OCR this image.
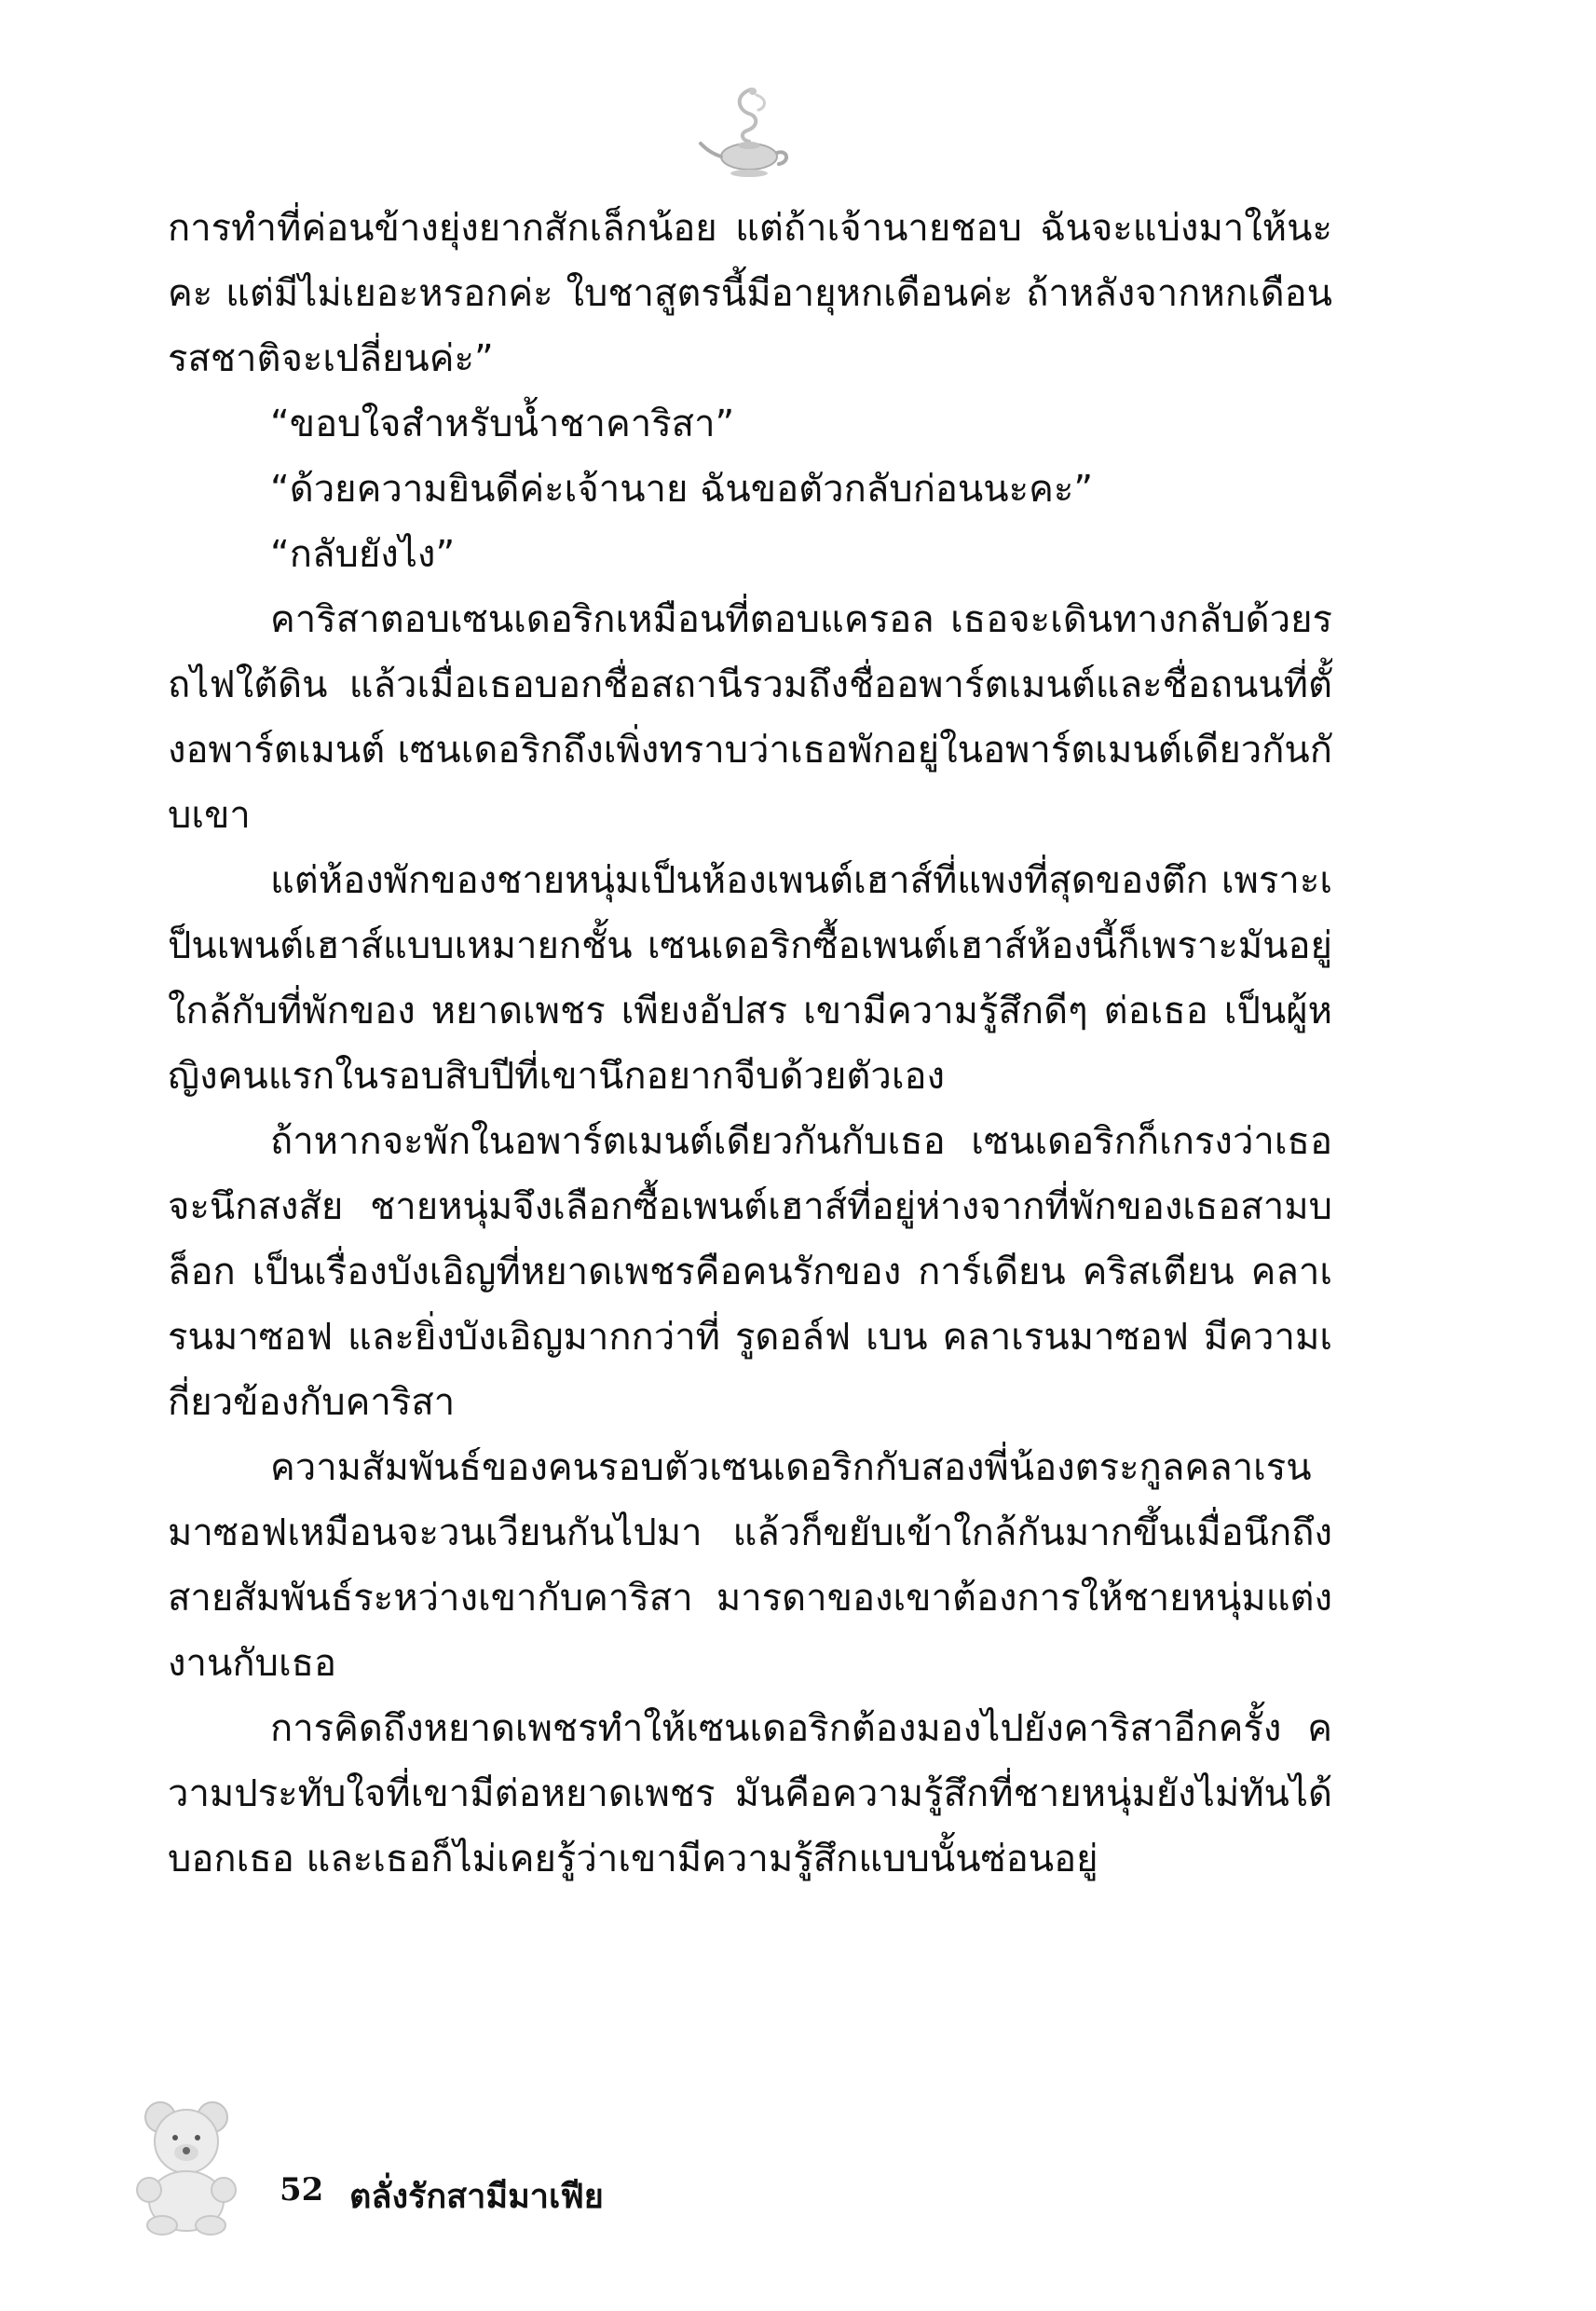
การทำที่ค่อนข้างยุ่งยากสักเล็กน้อย แต่ถ้าเจ้านายชอบ ฉันจะแบ่งมาให้นะคะ แต่มีไม่เยอะหรอกค่ะ ใบชาสูตรนี้มีอายุหกเดือนค่ะ ถ้าหลังจากหกเดือนรสชาติจะเปลี่ยนค่ะ”

“ขอบใจสำหรับน้ำชาคาริสา”

“ด้วยความยินดีค่ะเจ้านาย ฉันขอตัวกลับก่อนนะคะ”

“กลับยังไง”

คาริสาตอบเซนเดอริกเหมือนที่ตอบแครอล เธอจะเดินทางกลับด้วยรถไฟใต้ดิน แล้วเมื่อเธอบอกชื่อสถานีรวมถึงชื่ออพาร์ตเมนต์และชื่อถนนที่ตั้งอพาร์ตเมนต์ เซนเดอริกถึงเพิ่งทราบว่าเธอพักอยู่ในอพาร์ตเมนต์เดียวกันกับเขา

แต่ห้องพักของชายหนุ่มเป็นห้องเพนต์เฮาส์ที่แพงที่สุดของตึก เพราะเป็นเพนต์เฮาส์แบบเหมายกชั้น เซนเดอริกซื้อเพนต์เฮาส์ห้องนี้ก็เพราะมันอยู่ใกล้กับที่พักของ หยาดเพชร เพียงอัปสร เขามีความรู้สึกดีๆ ต่อเธอ เป็นผู้หญิงคนแรกในรอบสิบปีที่เขานึกอยากจีบด้วยตัวเอง

ถ้าหากจะพักในอพาร์ตเมนต์เดียวกันกับเธอ เซนเดอริกก็เกรงว่าเธอจะนึกสงสัย ชายหนุ่มจึงเลือกซื้อเพนต์เฮาส์ที่อยู่ห่างจากที่พักของเธอสามบล็อก เป็นเรื่องบังเอิญที่หยาดเพชรคือคนรักของ การ์เดียน คริสเตียน คลาเรนมาซอฟ และยิ่งบังเอิญมากกว่าที่ รูดอล์ฟ เบน คลาเรนมาซอฟ มีความเกี่ยวข้องกับคาริสา

ความสัมพันธ์ของคนรอบตัวเซนเดอริกกับสองพี่น้องตระกูลคลาเรนมาซอฟเหมือนจะวนเวียนกันไปมา แล้วก็ขยับเข้าใกล้กันมากขึ้นเมื่อนึกถึงสายสัมพันธ์ระหว่างเขากับคาริสา มารดาของเขาต้องการให้ชายหนุ่มแต่งงานกับเธอ

การคิดถึงหยาดเพชรทำให้เซนเดอริกต้องมองไปยังคาริสาอีกครั้ง ความประทับใจที่เขามีต่อหยาดเพชร มันคือความรู้สึกที่ชายหนุ่มยังไม่ทันได้บอกเธอ และเธอก็ไม่เคยรู้ว่าเขามีความรู้สึกแบบนั้นซ่อนอยู่

52 ตลั่งรักสามีมาเฟีย
